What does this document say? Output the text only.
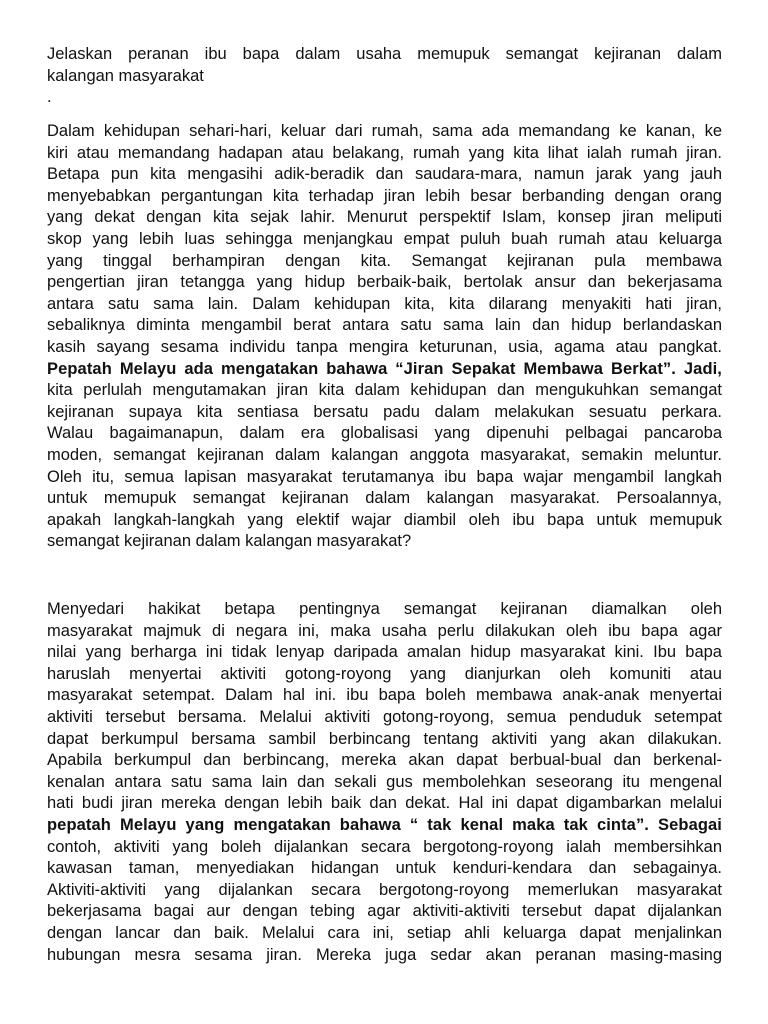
Jelaskan peranan ibu bapa dalam usaha memupuk semangat kejiranan dalam
kalangan masyarakat
.
Dalam kehidupan sehari-hari, keluar dari rumah, sama ada memandang ke kanan, ke
kiri atau memandang hadapan atau belakang, rumah yang kita lihat ialah rumah jiran.
Betapa pun kita mengasihi adik-beradik dan saudara-mara, namun jarak yang jauh
menyebabkan pergantungan kita terhadap jiran lebih besar berbanding dengan orang
yang dekat dengan kita sejak lahir. Menurut perspektif Islam, konsep jiran meliputi
skop yang lebih luas sehingga menjangkau empat puluh buah rumah atau keluarga
yang tinggal berhampiran dengan kita. Semangat kejiranan pula membawa
pengertian jiran tetangga yang hidup berbaik-baik, bertolak ansur dan bekerjasama
antara satu sama lain. Dalam kehidupan kita, kita dilarang menyakiti hati jiran,
sebaliknya diminta mengambil berat antara satu sama lain dan hidup berlandaskan
kasih sayang sesama individu tanpa mengira keturunan, usia, agama atau pangkat.
Pepatah Melayu ada mengatakan bahawa “Jiran Sepakat Membawa Berkat”. Jadi,
kita perlulah mengutamakan jiran kita dalam kehidupan dan mengukuhkan semangat
kejiranan supaya kita sentiasa bersatu padu dalam melakukan sesuatu perkara.
Walau bagaimanapun, dalam era globalisasi yang dipenuhi pelbagai pancaroba
moden, semangat kejiranan dalam kalangan anggota masyarakat, semakin meluntur.
Oleh itu, semua lapisan masyarakat terutamanya ibu bapa wajar mengambil langkah
untuk memupuk semangat kejiranan dalam kalangan masyarakat. Persoalannya,
apakah langkah-langkah yang elektif wajar diambil oleh ibu bapa untuk memupuk
semangat kejiranan dalam kalangan masyarakat?
Menyedari hakikat betapa pentingnya semangat kejiranan diamalkan oleh
masyarakat majmuk di negara ini, maka usaha perlu dilakukan oleh ibu bapa agar
nilai yang berharga ini tidak lenyap daripada amalan hidup masyarakat kini. Ibu bapa
haruslah menyertai aktiviti gotong-royong yang dianjurkan oleh komuniti atau
masyarakat setempat. Dalam hal ini. ibu bapa boleh membawa anak-anak menyertai
aktiviti tersebut bersama. Melalui aktiviti gotong-royong, semua penduduk setempat
dapat berkumpul bersama sambil berbincang tentang aktiviti yang akan dilakukan.
Apabila berkumpul dan berbincang, mereka akan dapat berbual-bual dan berkenal-
kenalan antara satu sama lain dan sekali gus membolehkan seseorang itu mengenal
hati budi jiran mereka dengan lebih baik dan dekat. Hal ini dapat digambarkan melalui
pepatah Melayu yang mengatakan bahawa “ tak kenal maka tak cinta”. Sebagai
contoh, aktiviti yang boleh dijalankan secara bergotong-royong ialah membersihkan
kawasan taman, menyediakan hidangan untuk kenduri-kendara dan sebagainya.
Aktiviti-aktiviti yang dijalankan secara bergotong-royong memerlukan masyarakat
bekerjasama bagai aur dengan tebing agar aktiviti-aktiviti tersebut dapat dijalankan
dengan lancar dan baik. Melalui cara ini, setiap ahli keluarga dapat menjalinkan
hubungan mesra sesama jiran. Mereka juga sedar akan peranan masing-masing
